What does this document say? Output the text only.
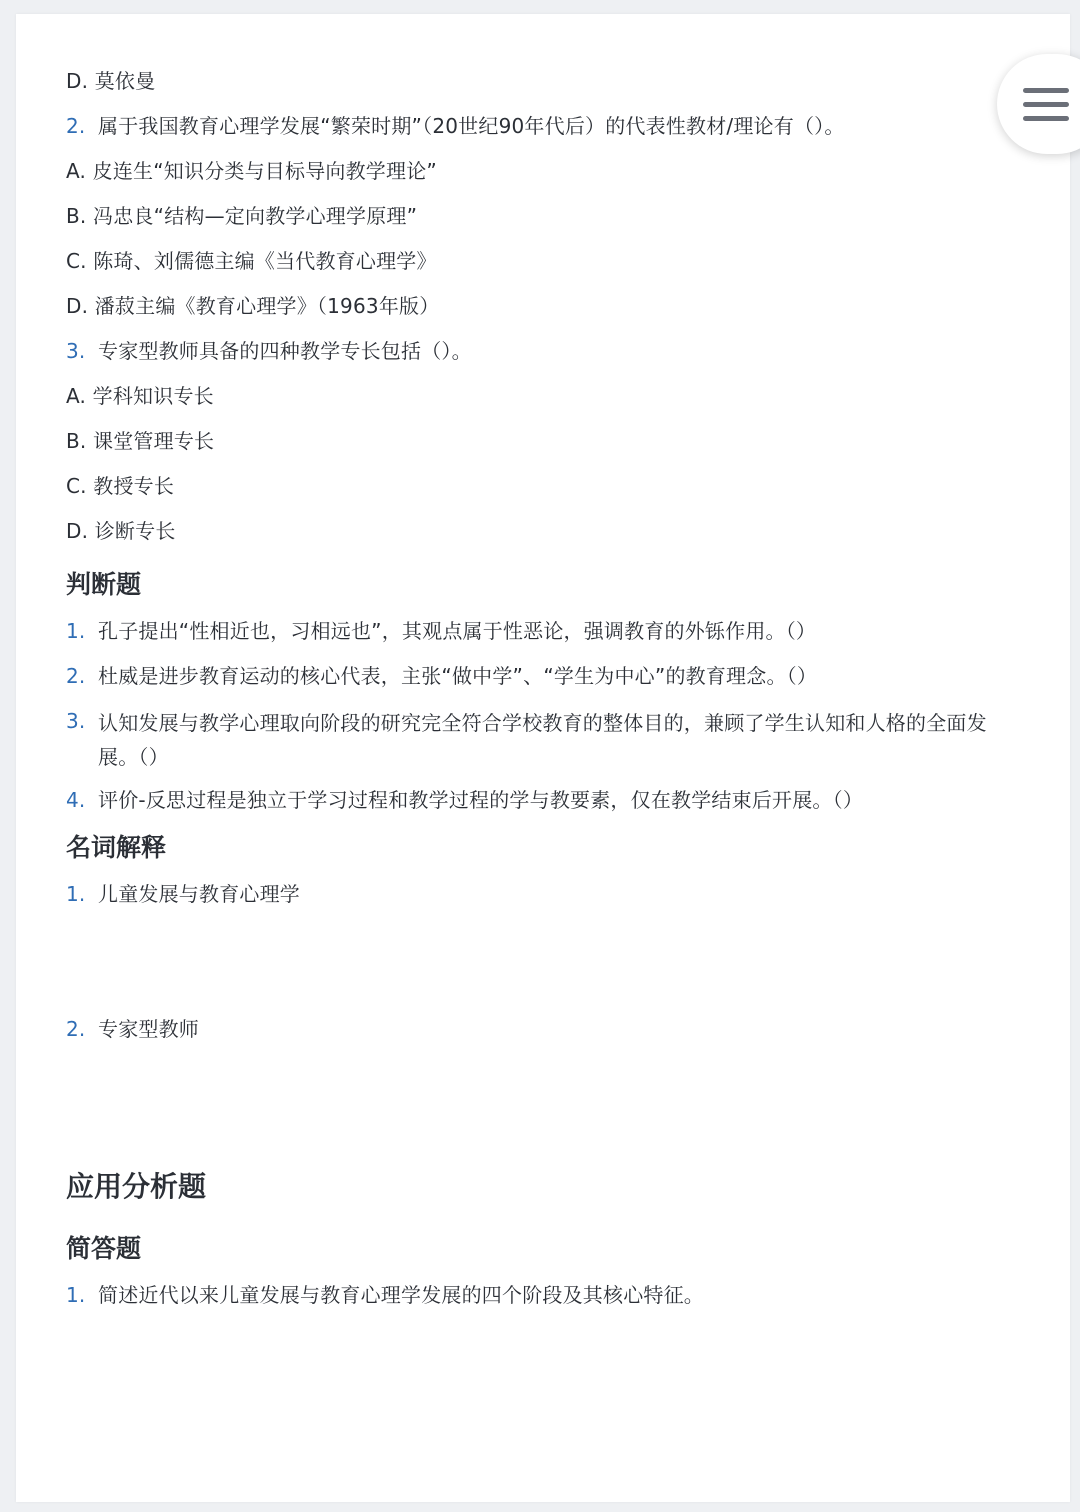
D. 莫依曼
2. 属于我国教育心理学发展“繁荣时期”（20世纪90年代后）的代表性教材/理论有（）。
A. 皮连生“知识分类与目标导向教学理论”
B. 冯忠良“结构—定向教学心理学原理”
C. 陈琦、刘儒德主编《当代教育心理学》
D. 潘菽主编《教育心理学》（1963年版）
3. 专家型教师具备的四种教学专长包括（）。
A. 学科知识专长
B. 课堂管理专长
C. 教授专长
D. 诊断专长
判断题
1. 孔子提出“性相近也，习相远也”，其观点属于性恶论，强调教育的外铄作用。（）
2. 杜威是进步教育运动的核心代表，主张“做中学”、“学生为中心”的教育理念。（）
3. 认知发展与教学心理取向阶段的研究完全符合学校教育的整体目的，兼顾了学生认知和人格的全面发展。（）
4. 评价-反思过程是独立于学习过程和教学过程的学与教要素，仅在教学结束后开展。（）
名词解释
1. 儿童发展与教育心理学
2. 专家型教师
应用分析题
简答题
1. 简述近代以来儿童发展与教育心理学发展的四个阶段及其核心特征。
